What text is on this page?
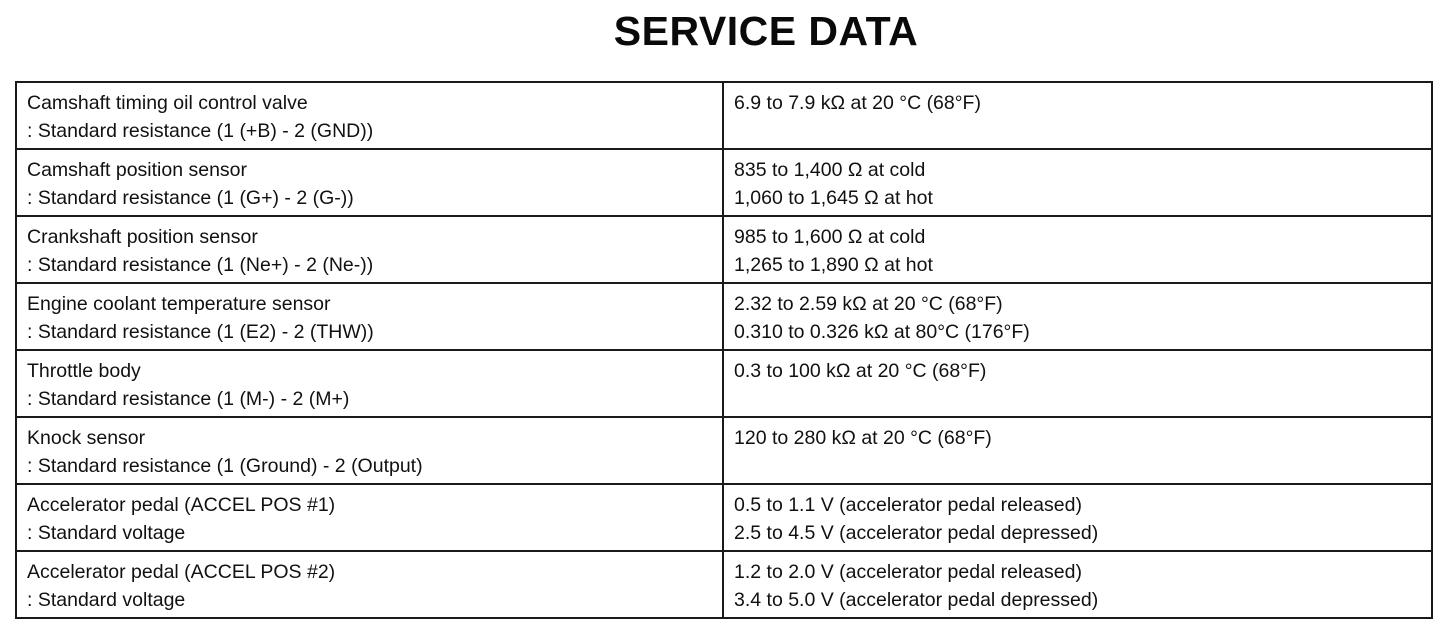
SERVICE DATA
Camshaft timing oil control valve
: Standard resistance (1 (+B) - 2 (GND))	6.9 to 7.9 kΩ at 20 °C (68°F)

Camshaft position sensor
: Standard resistance (1 (G+) - 2 (G-))	835 to 1,400 Ω at cold
1,060 to 1,645 Ω at hot

Crankshaft position sensor
: Standard resistance (1 (Ne+) - 2 (Ne-))	985 to 1,600 Ω at cold
1,265 to 1,890 Ω at hot

Engine coolant temperature sensor
: Standard resistance (1 (E2) - 2 (THW))	2.32 to 2.59 kΩ at 20 °C (68°F)
0.310 to 0.326 kΩ at 80°C (176°F)

Throttle body
: Standard resistance (1 (M-) - 2 (M+)	0.3 to 100 kΩ at 20 °C (68°F)

Knock sensor
: Standard resistance (1 (Ground) - 2 (Output)	120 to 280 kΩ at 20 °C (68°F)

Accelerator pedal (ACCEL POS #1)
: Standard voltage	0.5 to 1.1 V (accelerator pedal released)
2.5 to 4.5 V (accelerator pedal depressed)

Accelerator pedal (ACCEL POS #2)
: Standard voltage	1.2 to 2.0 V (accelerator pedal released)
3.4 to 5.0 V (accelerator pedal depressed)
